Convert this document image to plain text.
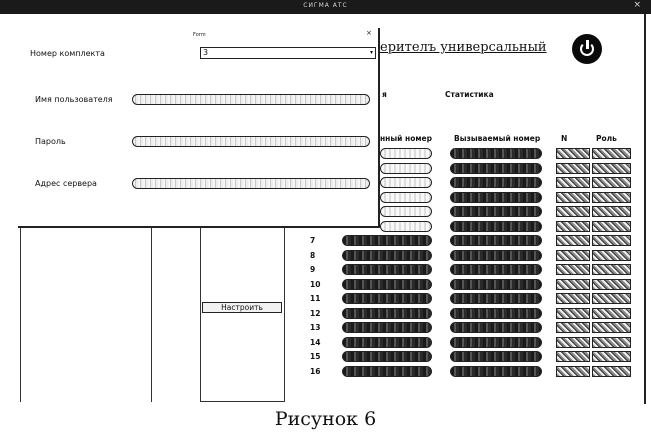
СИГМА АТС	×
ерителъ универсальный
я	Статистика
нный номер	Вызываемый номер	N	Роль
Настроить
7
8
9
10
11
12
13
14
15
16
Form	×
Номер комплекта	3	▾
Имя пользователя
Пароль
Адрес сервера
Рисунок 6
